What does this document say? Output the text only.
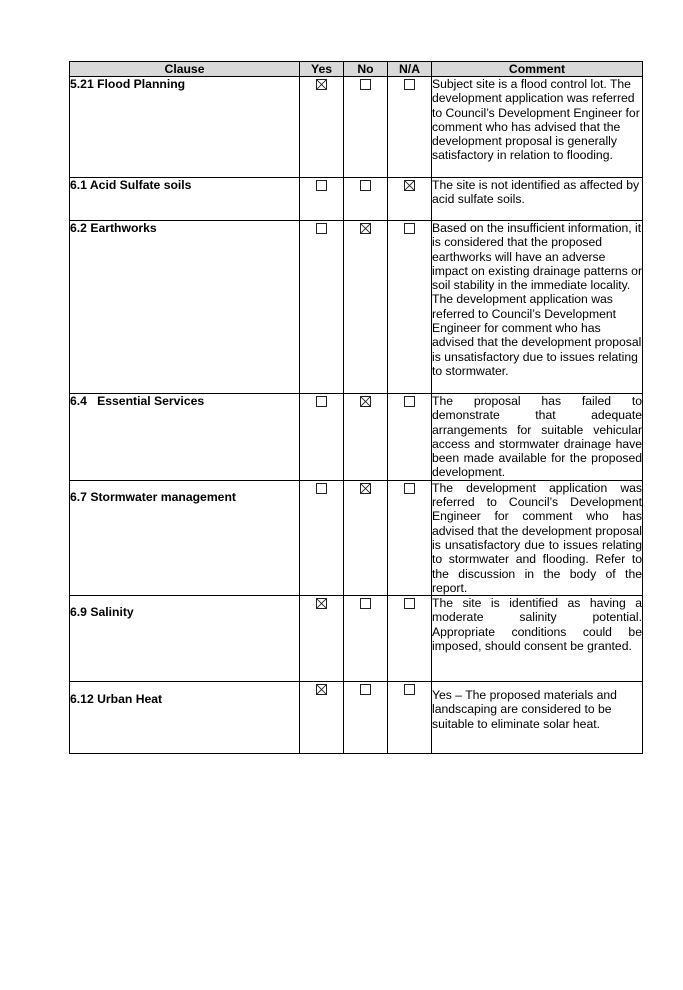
Clause	Yes	No	N/A	Comment
5.21 Flood Planning				Subject site is a flood control lot. The development application was referred to Council’s Development Engineer for comment who has advised that the development proposal is generally satisfactory in relation to flooding.
6.1 Acid Sulfate soils				The site is not identified as affected by acid sulfate soils.
6.2 Earthworks				Based on the insufficient information, it is considered that the proposed earthworks will have an adverse impact on existing drainage patterns or soil stability in the immediate locality. The development application was referred to Council’s Development Engineer for comment who has advised that the development proposal is unsatisfactory due to issues relating to stormwater.
6.4   Essential Services				The proposal has failed to demonstrate that adequate arrangements for suitable vehicular access and stormwater drainage have been made available for the proposed development.
6.7 Stormwater management				The development application was referred to Council’s Development Engineer for comment who has advised that the development proposal is unsatisfactory due to issues relating to stormwater and flooding. Refer to the discussion in the body of the report.
6.9 Salinity				The site is identified as having a moderate salinity potential. Appropriate conditions could be imposed, should consent be granted.
6.12 Urban Heat				Yes – The proposed materials and landscaping are considered to be suitable to eliminate solar heat.
